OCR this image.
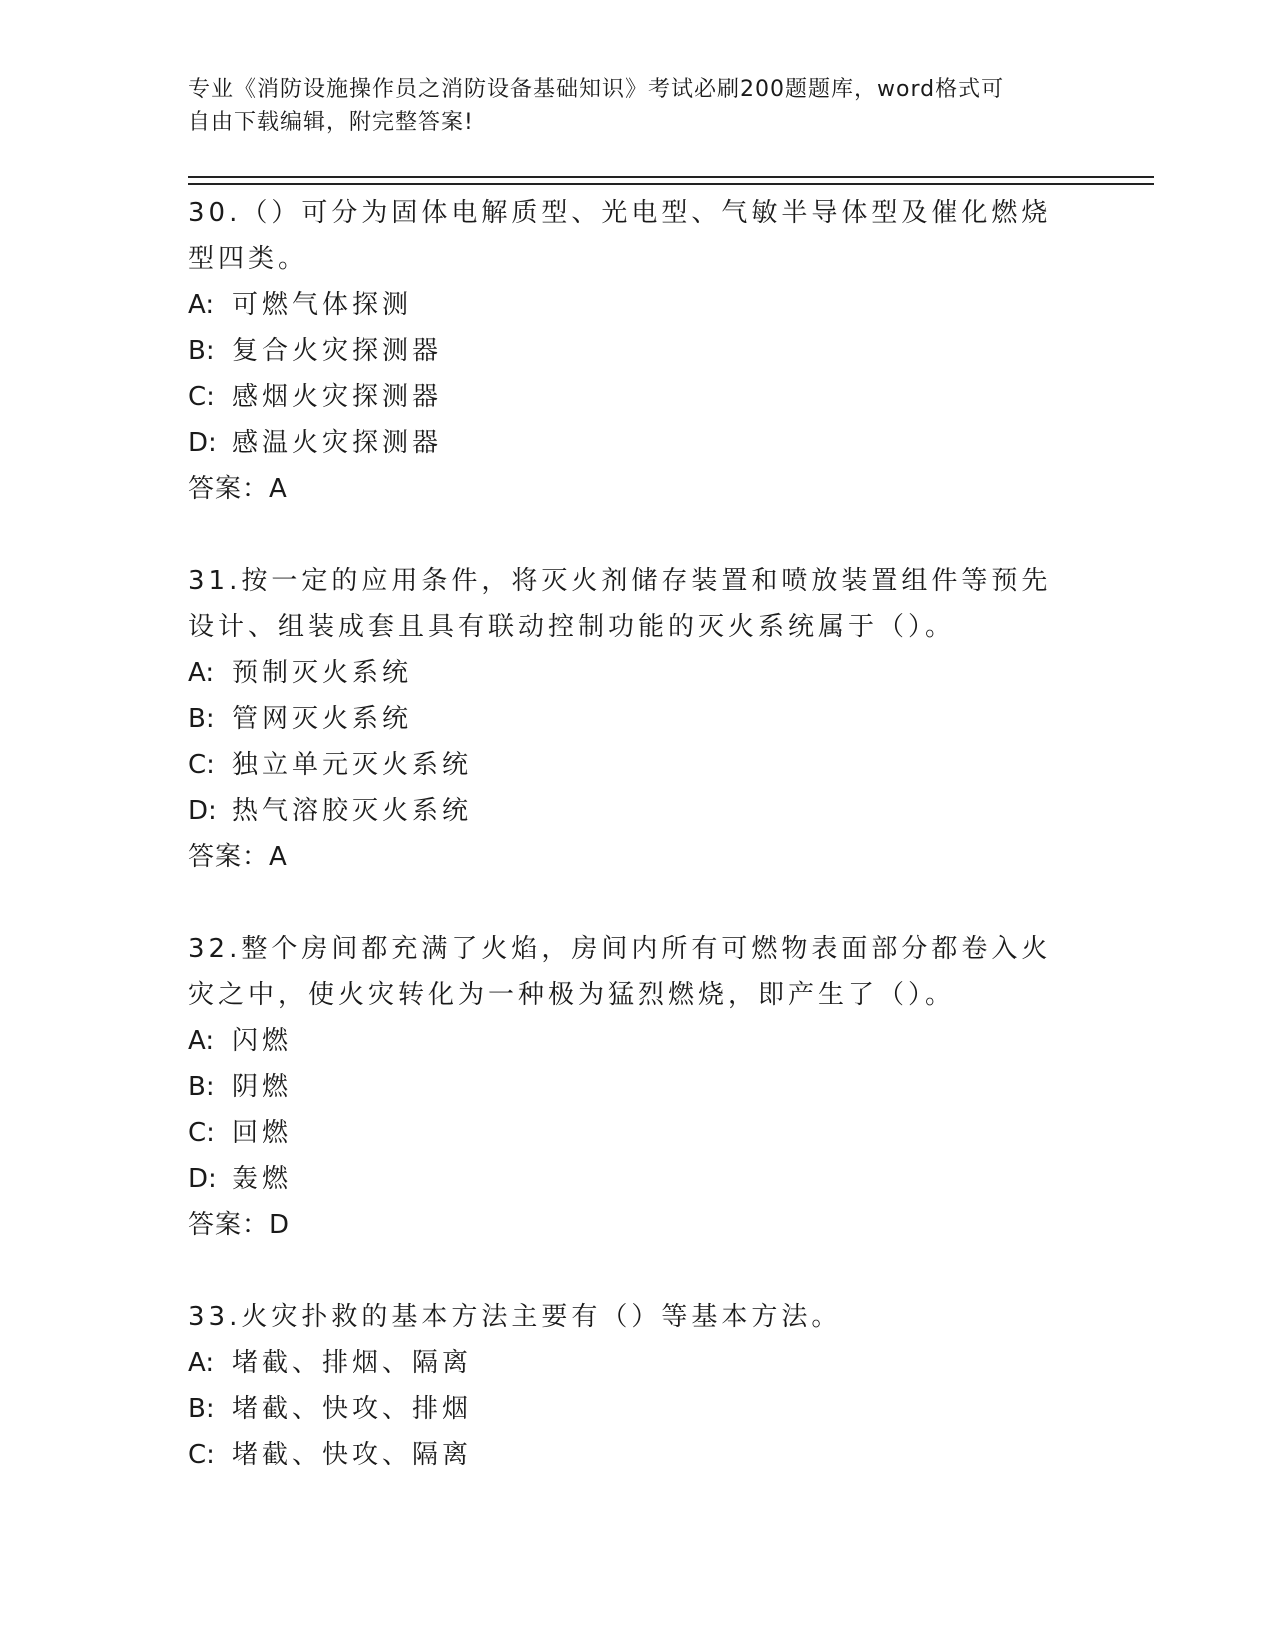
专业《消防设施操作员之消防设备基础知识》考试必刷200题题库，word格式可
自由下载编辑，附完整答案!

30.（）可分为固体电解质型、光电型、气敏半导体型及催化燃烧型四类。

A: 可燃气体探测
B: 复合火灾探测器
C: 感烟火灾探测器
D: 感温火灾探测器
答案：A

31.按一定的应用条件，将灭火剂储存装置和喷放装置组件等预先设计、组装成套且具有联动控制功能的灭火系统属于（）。

A: 预制灭火系统
B: 管网灭火系统
C: 独立单元灭火系统
D: 热气溶胶灭火系统
答案：A

32.整个房间都充满了火焰，房间内所有可燃物表面部分都卷入火灾之中，使火灾转化为一种极为猛烈燃烧，即产生了（）。

A: 闪燃
B: 阴燃
C: 回燃
D: 轰燃
答案：D

33.火灾扑救的基本方法主要有（）等基本方法。

A: 堵截、排烟、隔离
B: 堵截、快攻、排烟
C: 堵截、快攻、隔离
